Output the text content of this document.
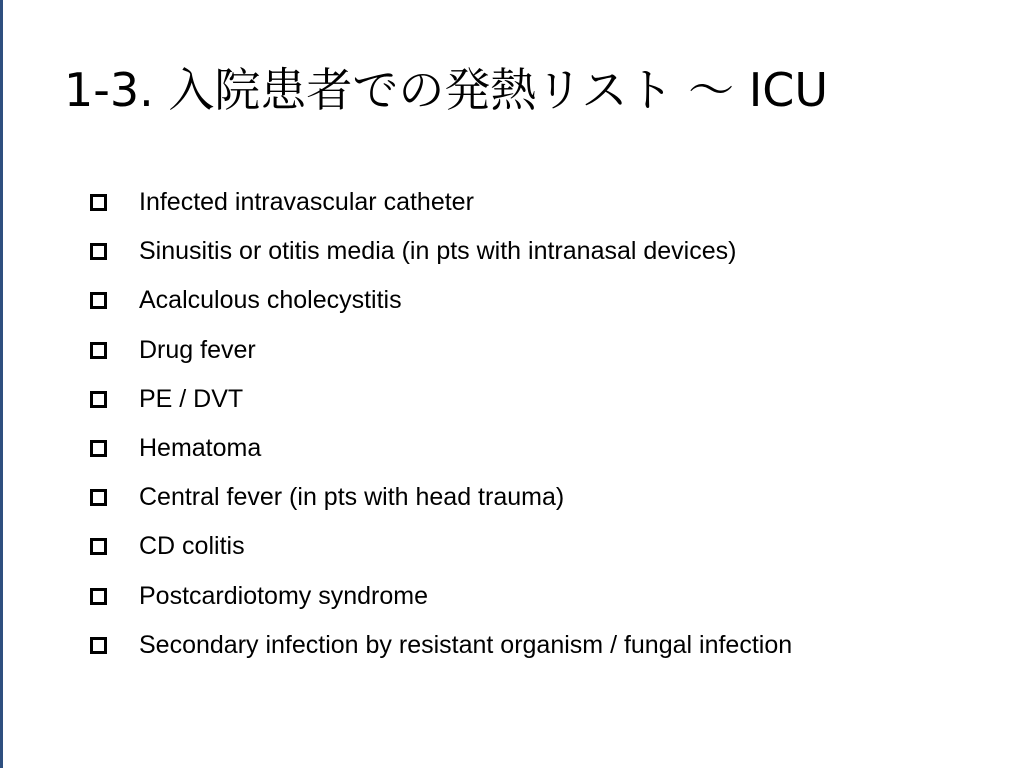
1-3. 入院患者での発熱リスト ～ ICU
Infected intravascular catheter
Sinusitis or otitis media (in pts with intranasal devices)
Acalculous cholecystitis
Drug fever
PE / DVT
Hematoma
Central fever (in pts with head trauma)
CD colitis
Postcardiotomy syndrome
Secondary infection by resistant organism / fungal infection
